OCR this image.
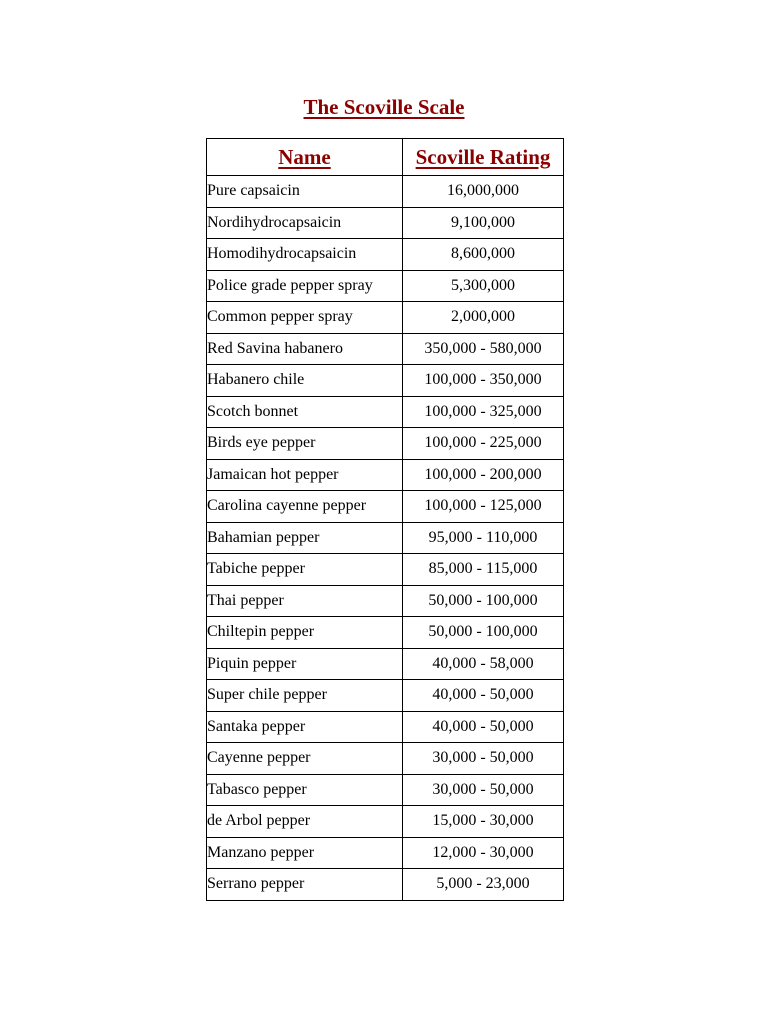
The Scoville Scale
Name	Scoville Rating
Pure capsaicin	16,000,000
Nordihydrocapsaicin	9,100,000
Homodihydrocapsaicin	8,600,000
Police grade pepper spray	5,300,000
Common pepper spray	2,000,000
Red Savina habanero	350,000 - 580,000
Habanero chile	100,000 - 350,000
Scotch bonnet	100,000 - 325,000
Birds eye pepper	100,000 - 225,000
Jamaican hot pepper	100,000 - 200,000
Carolina cayenne pepper	100,000 - 125,000
Bahamian pepper	95,000 - 110,000
Tabiche pepper	85,000 - 115,000
Thai pepper	50,000 - 100,000
Chiltepin pepper	50,000 - 100,000
Piquin pepper	40,000 - 58,000
Super chile pepper	40,000 - 50,000
Santaka pepper	40,000 - 50,000
Cayenne pepper	30,000 - 50,000
Tabasco pepper	30,000 - 50,000
de Arbol pepper	15,000 - 30,000
Manzano pepper	12,000 - 30,000
Serrano pepper	5,000 - 23,000
